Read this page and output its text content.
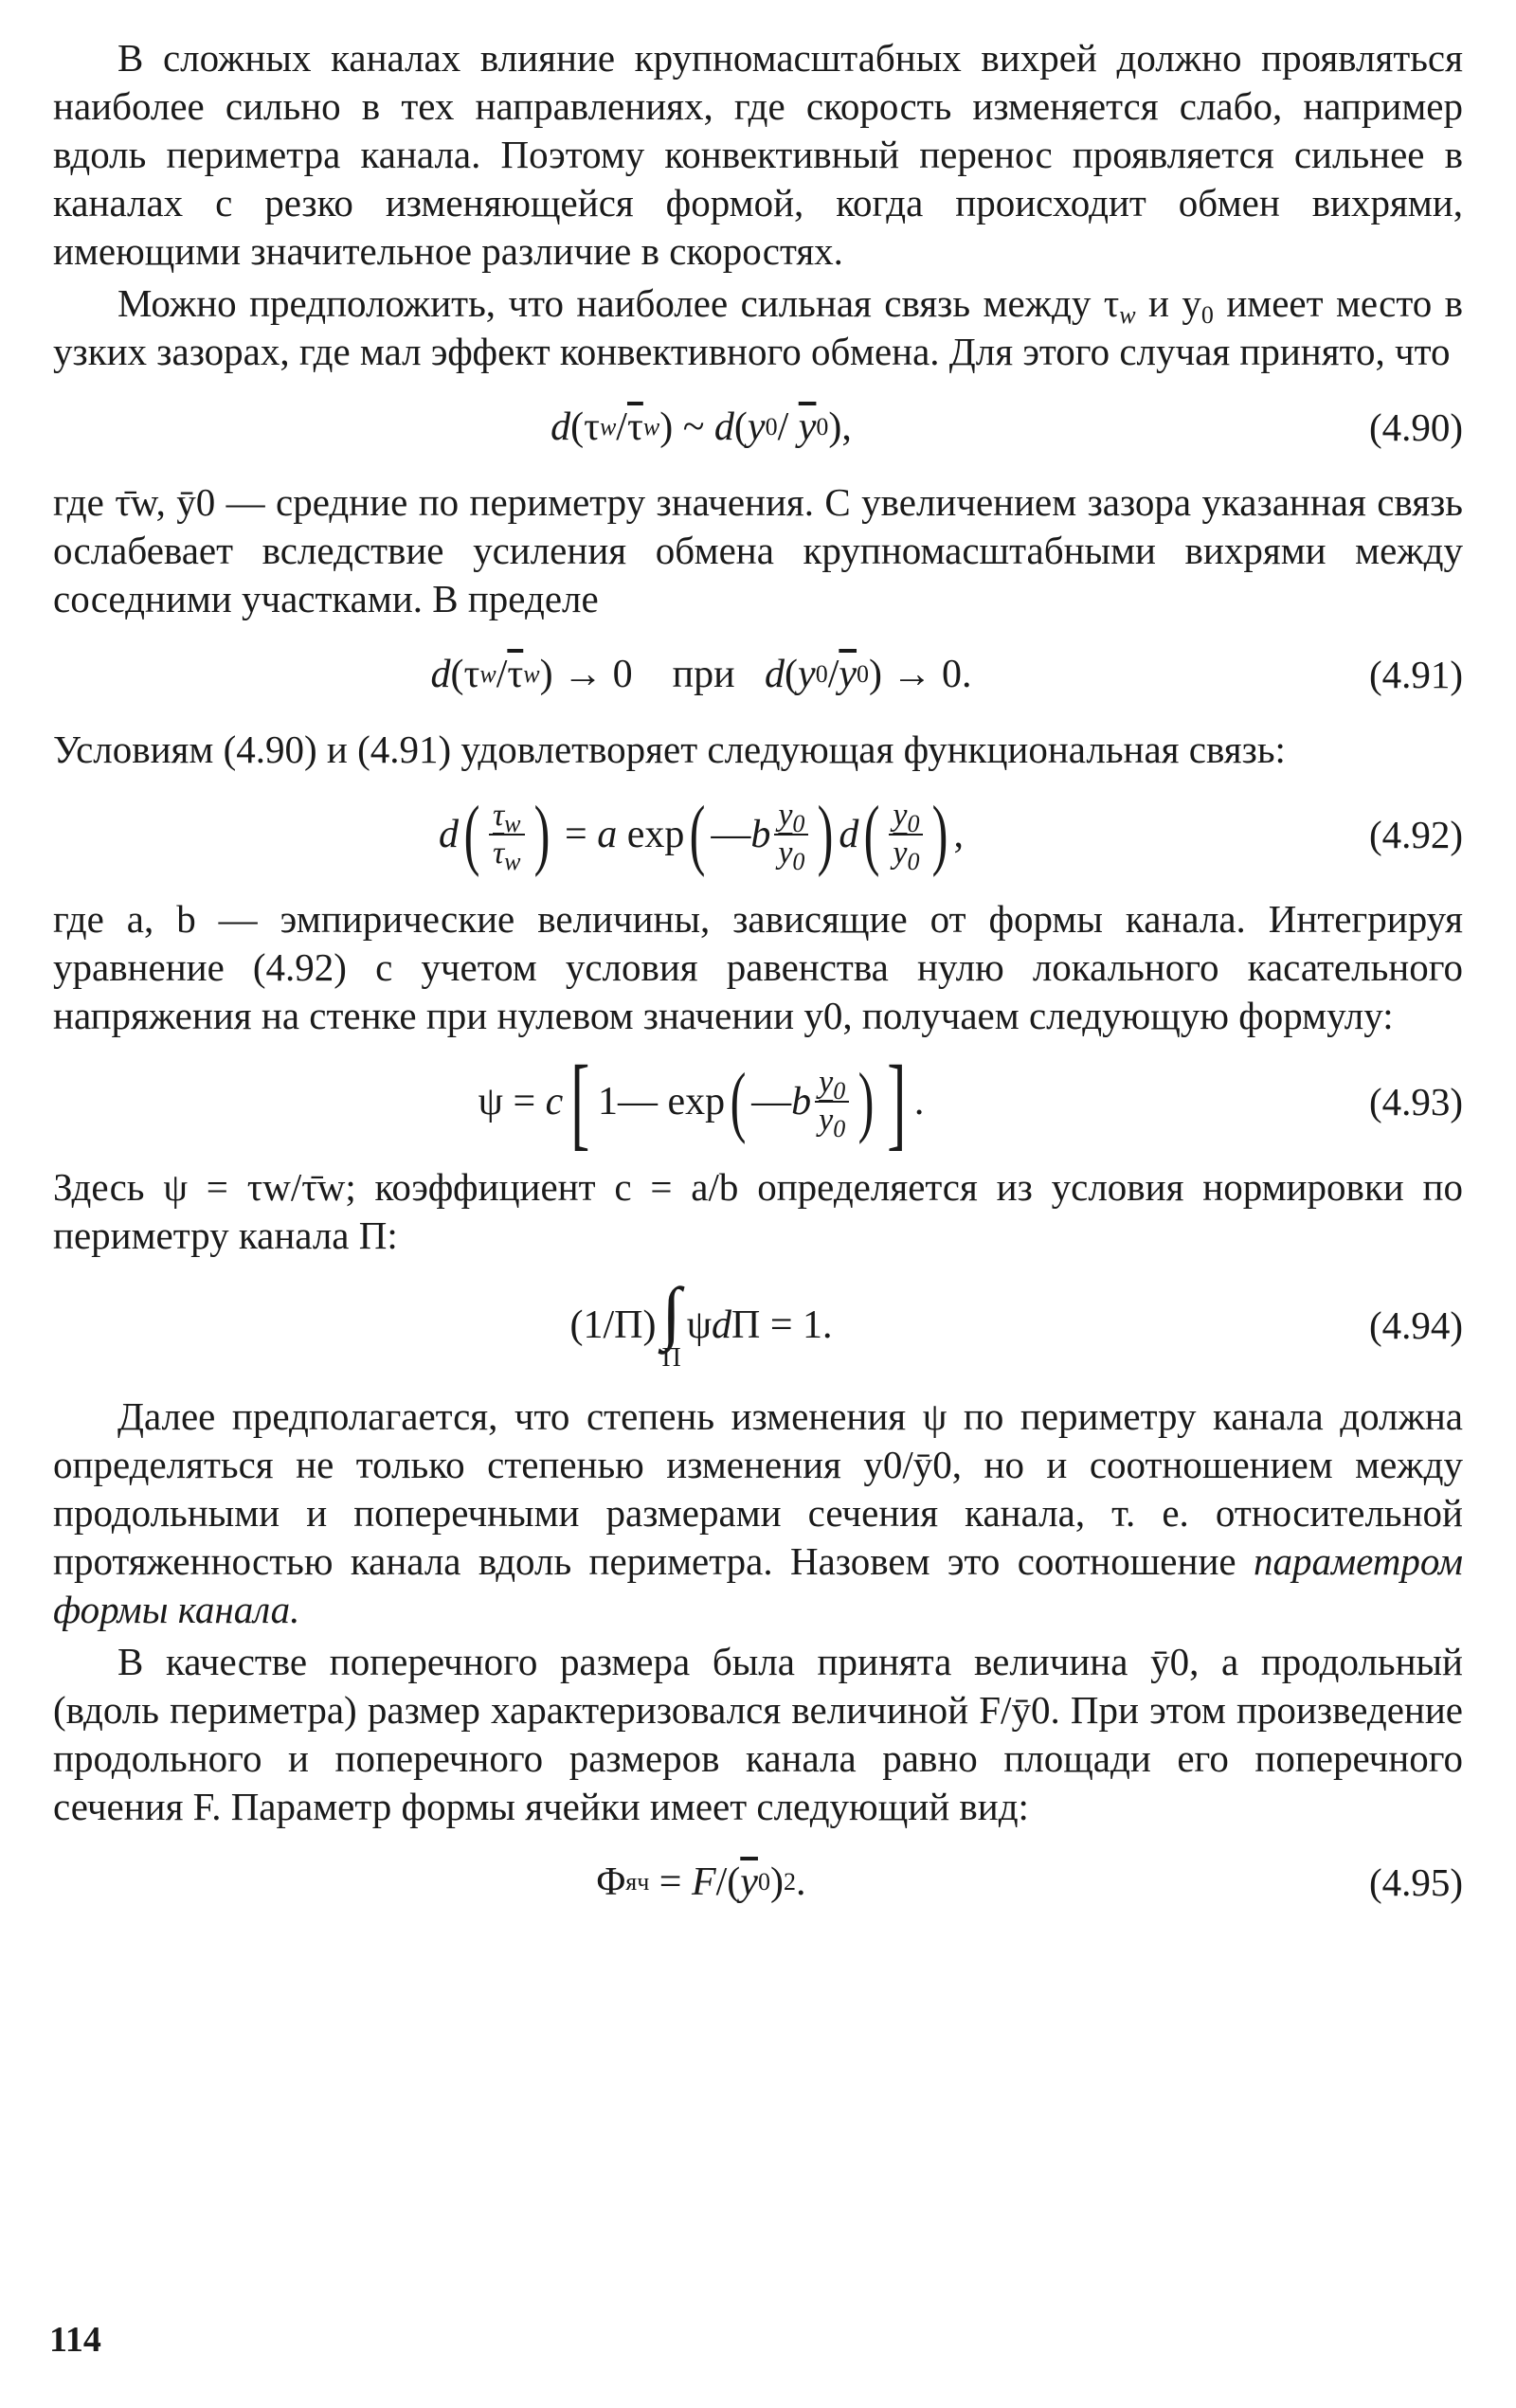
В сложных каналах влияние крупномасштабных вихрей должно проявляться наиболее сильно в тех направлениях, где скорость изменяется слабо, например вдоль периметра канала. Поэтому конвективный перенос проявляется сильнее в каналах с резко изменяющейся формой, когда происходит обмен вихрями, имеющими значительное различие в скоростях.

Можно предположить, что наиболее сильная связь между $\tau_w$ и $y_0$ имеет место в узких зазорах, где мал эффект конвективного обмена. Для этого случая принято, что

d (τ w / $\overline{\tau}$ w ) ~ d ( y $0 / \overline{y}$ 0 ),	(4.90)

где τ̄w, ȳ0 — средние по периметру значения. С увеличением зазора указанная связь ослабевает вследствие усиления обмена крупномасштабными вихрями между соседними участками. В пределе

d (τ w / $\overline{\tau}$ w ) → 0 при
d ( y $0 / \overline{y}$ 0 ) → 0.	(4.91)

Условиям (4.90) и (4.91) удовлетворяет следующая функциональная связь:

d ( $\frac{\tau_w}{\overline{\tau}_w}$ ) = a exp ( — b $\frac{y_0}{\overline{y}_0}$ ) d ( $\frac{y_0}{\overline{y}_0}$ ) ,	(4.92)

где a, b — эмпирические величины, зависящие от формы канала. Интегрируя уравнение (4.92) с учетом условия равенства нулю локального касательного напряжения на стенке при нулевом значении y0, получаем следующую формулу:

ψ = c [ 1— exp ( — b $\frac{y_0}{\overline{y}_0}$ ) ] .	(4.93)

Здесь ψ = τw/τ̄w; коэффициент c = a/b определяется из условия нормировки по периметру канала П:

(1/П) ∫
П
ψ d П = 1.	(4.94)

Далее предполагается, что степень изменения ψ по периметру канала должна определяться не только степенью изменения y0/ȳ0, но и соотношением между продольными и поперечными размерами сечения канала, т. е. относительной протяженностью канала вдоль периметра. Назовем это соотношение параметром формы канала.

В качестве поперечного размера была принята величина ȳ0, а продольный (вдоль периметра) размер характеризовался величиной F/ȳ0. При этом произведение продольного и поперечного размеров канала равно площади его поперечного сечения F. Параметр формы ячейки имеет следующий вид:

Φ яч = F /( $\overline{y}$ 0 ) 2 .	(4.95)
114
